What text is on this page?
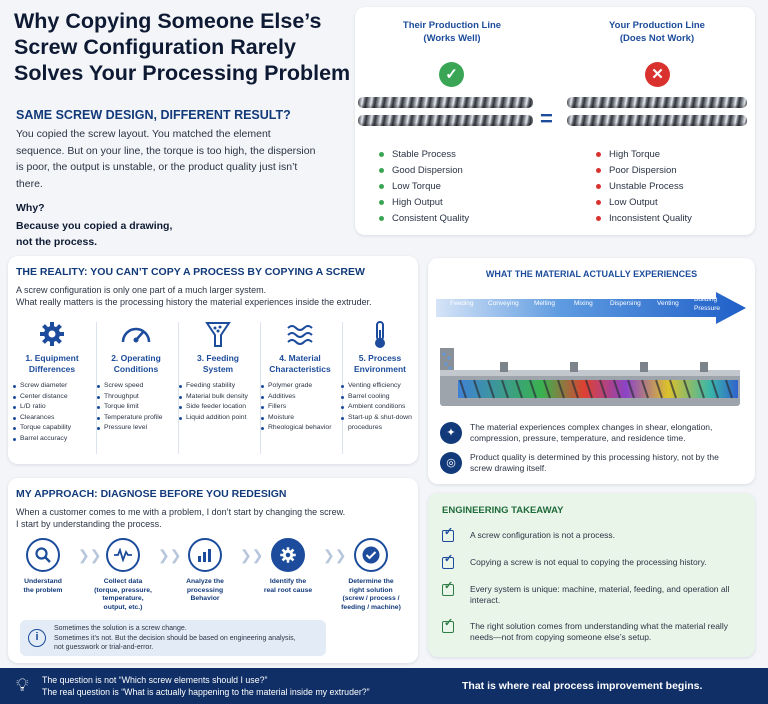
Why Copying Someone Else’s
Screw Configuration Rarely
Solves Your Processing Problem
SAME SCREW DESIGN, DIFFERENT RESULT?
You copied the screw layout. You matched the element sequence. But on your line, the torque is too high, the dispersion is poor, the output is unstable, or the product quality just isn’t there.
Why?
Because you copied a drawing,
not the process.
Their Production Line
(Works Well)
Your Production Line
(Does Not Work)
✓	✕
=
Stable Process
Good Dispersion
Low Torque
High Output
Consistent Quality
High Torque
Poor Dispersion
Unstable Process
Low Output
Inconsistent Quality
THE REALITY: YOU CAN’T COPY A PROCESS BY COPYING A SCREW
A screw configuration is only one part of a much larger system.
What really matters is the processing history the material experiences inside the extruder.
1. Equipment
Differences
Screw diameter
Center distance
L/D ratio
Clearances
Torque capability
Barrel accuracy
2. Operating
Conditions
Screw speed
Throughput
Torque limit
Temperature profile
Pressure level
3. Feeding
System
Feeding stability
Material bulk density
Side feeder location
Liquid addition point
4. Material
Characteristics
Polymer grade
Additives
Fillers
Moisture
Rheological behavior
5. Process
Environment
Venting efficiency
Barrel cooling
Ambient conditions
Start-up & shut-down procedures
WHAT THE MATERIAL ACTUALLY EXPERIENCES
Feeding Conveying Melting	Mixing	Dispersing	Venting
Building
Pressure
✦	The material experiences complex changes in shear, elongation, compression, pressure, temperature, and residence time.
◎	Product quality is determined by this processing history, not by the screw drawing itself.
MY APPROACH: DIAGNOSE BEFORE YOU REDESIGN
When a customer comes to me with a problem, I don’t start by changing the screw.
I start by understanding the process.
Understand
the problem
❯❯
Collect data
(torque, pressure,
temperature,
output, etc.)
❯❯
Analyze the
processing
Behavior
❯❯
Identify the
real root cause
❯❯
Determine the
right solution
(screw / process /
feeding / machine)
i
Sometimes the solution is a screw change.
Sometimes it’s not. But the decision should be based on engineering analysis,
not guesswork or trial-and-error.
ENGINEERING TAKEAWAY
✓
A screw configuration is not a process.
✓
Copying a screw is not equal to copying the processing history.
✓
Every system is unique: machine, material, feeding, and operation all interact.
✓
The right solution comes from understanding what the material really needs—not from copying someone else’s setup.
💡︎ The question is not “Which screw elements should I use?”
The real question is “What is actually happening to the material inside my extruder?”	That is where real process improvement begins.
